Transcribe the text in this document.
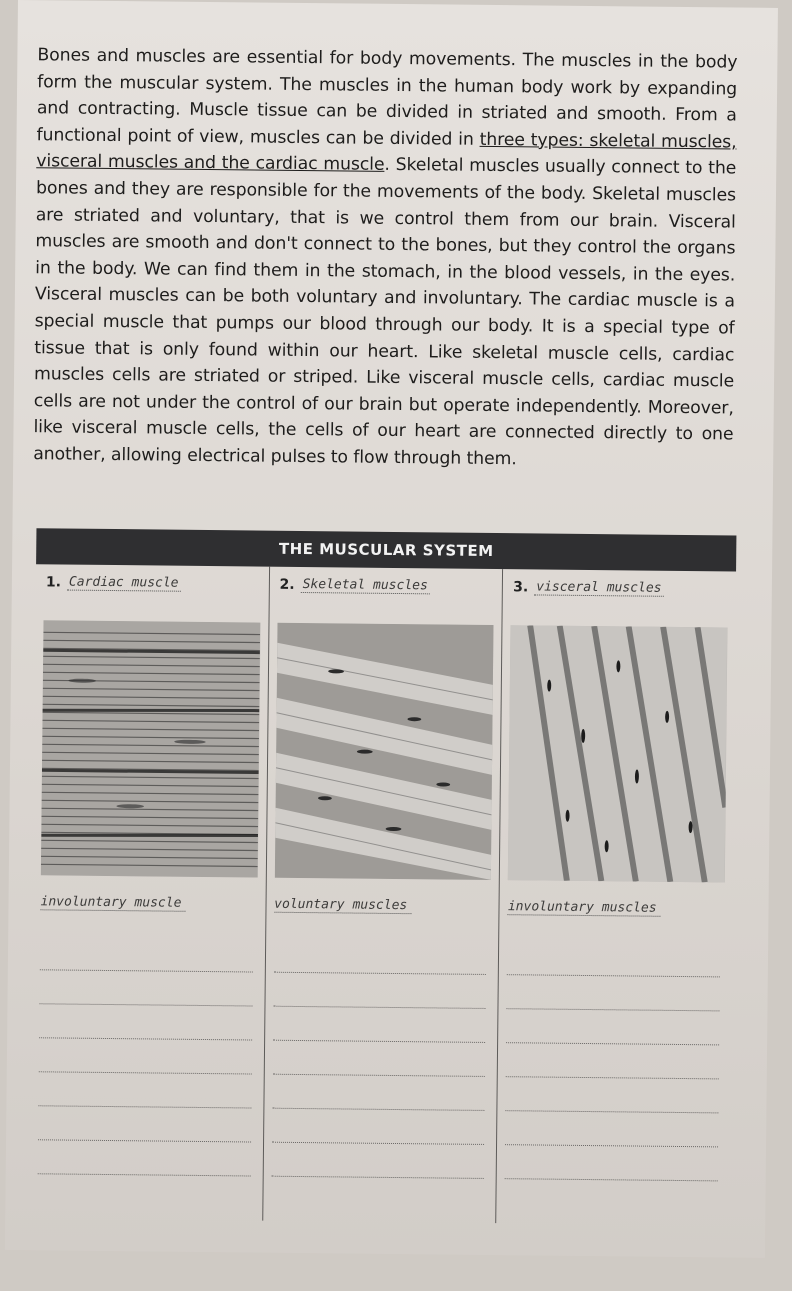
Bones and muscles are essential for body movements. The muscles in the body form the muscular system. The muscles in the human body work by expanding and contracting. Muscle tissue can be divided in striated and smooth. From a functional point of view, muscles can be divided in three types: skeletal muscles, visceral muscles and the cardiac muscle. Skeletal muscles usually connect to the bones and they are responsible for the movements of the body. Skeletal muscles are striated and voluntary, that is we control them from our brain. Visceral muscles are smooth and don't connect to the bones, but they control the organs in the body. We can find them in the stomach, in the blood vessels, in the eyes. Visceral muscles can be both voluntary and involuntary. The cardiac muscle is a special muscle that pumps our blood through our body. It is a special type of tissue that is only found within our heart. Like skeletal muscle cells, cardiac muscles cells are striated or striped. Like visceral muscle cells, cardiac muscle cells are not under the control of our brain but operate independently. Moreover, like visceral muscle cells, the cells of our heart are connected directly to one another, allowing electrical pulses to flow through them.
THE MUSCULAR SYSTEM
1. Cardiac muscle
involuntary muscle
2. Skeletal muscles
voluntary muscles
3. visceral muscles
involuntary muscles
